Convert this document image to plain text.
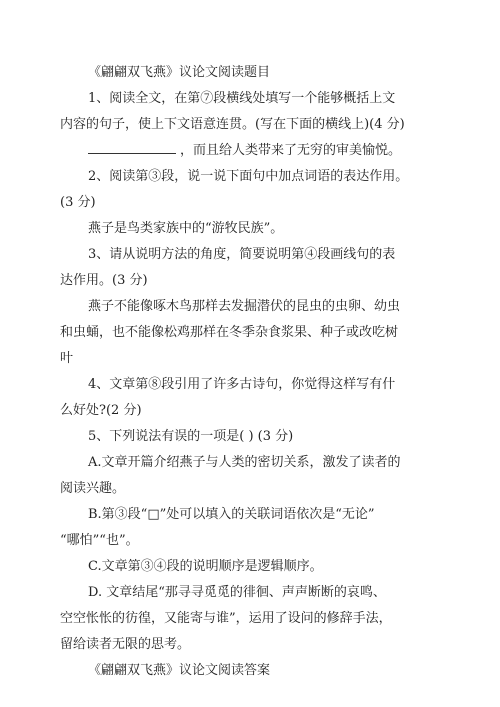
《翩翩双飞燕》议论文阅读题目

1、阅读全文，在第⑦段横线处填写一个能够概括上文

内容的句子，使上下文语意连贯。(写在下面的横线上)(4 分)

，而且给人类带来了无穷的审美愉悦。

2、阅读第③段，说一说下面句中加点词语的表达作用。

(3 分)

燕子是鸟类家族中的“游牧民族”。

3、请从说明方法的角度，简要说明第④段画线句的表

达作用。(3 分)

燕子不能像啄木鸟那样去发掘潜伏的昆虫的虫卵、幼虫

和虫蛹，也不能像松鸡那样在冬季杂食浆果、种子或改吃树

叶

4、文章第⑧段引用了许多古诗句，你觉得这样写有什

么好处?(2 分)

5、下列说法有误的一项是( ) (3 分)

A.文章开篇介绍燕子与人类的密切关系，激发了读者的

阅读兴趣。

B.第③段“□”处可以填入的关联词语依次是“无论”

“哪怕”“也”。

C.文章第③④段的说明顺序是逻辑顺序。

D. 文章结尾“那寻寻觅觅的徘徊、声声断断的哀鸣、

空空怅怅的彷徨，又能寄与谁”，运用了设问的修辞手法，

留给读者无限的思考。

《翩翩双飞燕》议论文阅读答案
